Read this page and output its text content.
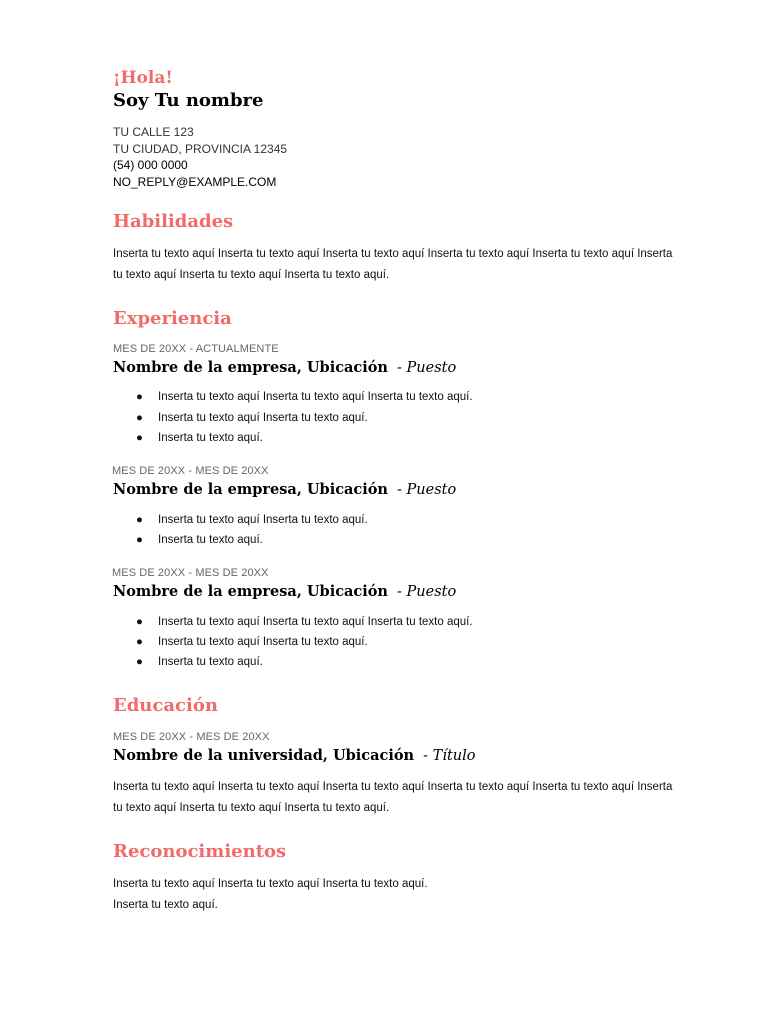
¡Hola!
Soy Tu nombre
TU CALLE 123
TU CIUDAD, PROVINCIA 12345
(54) 000 0000
NO_REPLY@EXAMPLE.COM
Habilidades
Inserta tu texto aquí Inserta tu texto aquí Inserta tu texto aquí Inserta tu texto aquí Inserta tu texto aquí Inserta tu texto aquí Inserta tu texto aquí Inserta tu texto aquí.
Experiencia
MES DE 20XX - ACTUALMENTE
Nombre de la empresa, Ubicación - Puesto
● Inserta tu texto aquí Inserta tu texto aquí Inserta tu texto aquí.
● Inserta tu texto aquí Inserta tu texto aquí.
● Inserta tu texto aquí.
MES DE 20XX - MES DE 20XX
Nombre de la empresa, Ubicación - Puesto
● Inserta tu texto aquí Inserta tu texto aquí.
● Inserta tu texto aquí.
MES DE 20XX - MES DE 20XX
Nombre de la empresa, Ubicación - Puesto
● Inserta tu texto aquí Inserta tu texto aquí Inserta tu texto aquí.
● Inserta tu texto aquí Inserta tu texto aquí.
● Inserta tu texto aquí.
Educación
MES DE 20XX - MES DE 20XX
Nombre de la universidad, Ubicación - Título
Inserta tu texto aquí Inserta tu texto aquí Inserta tu texto aquí Inserta tu texto aquí Inserta tu texto aquí Inserta tu texto aquí Inserta tu texto aquí Inserta tu texto aquí.
Reconocimientos
Inserta tu texto aquí Inserta tu texto aquí Inserta tu texto aquí.
Inserta tu texto aquí.
